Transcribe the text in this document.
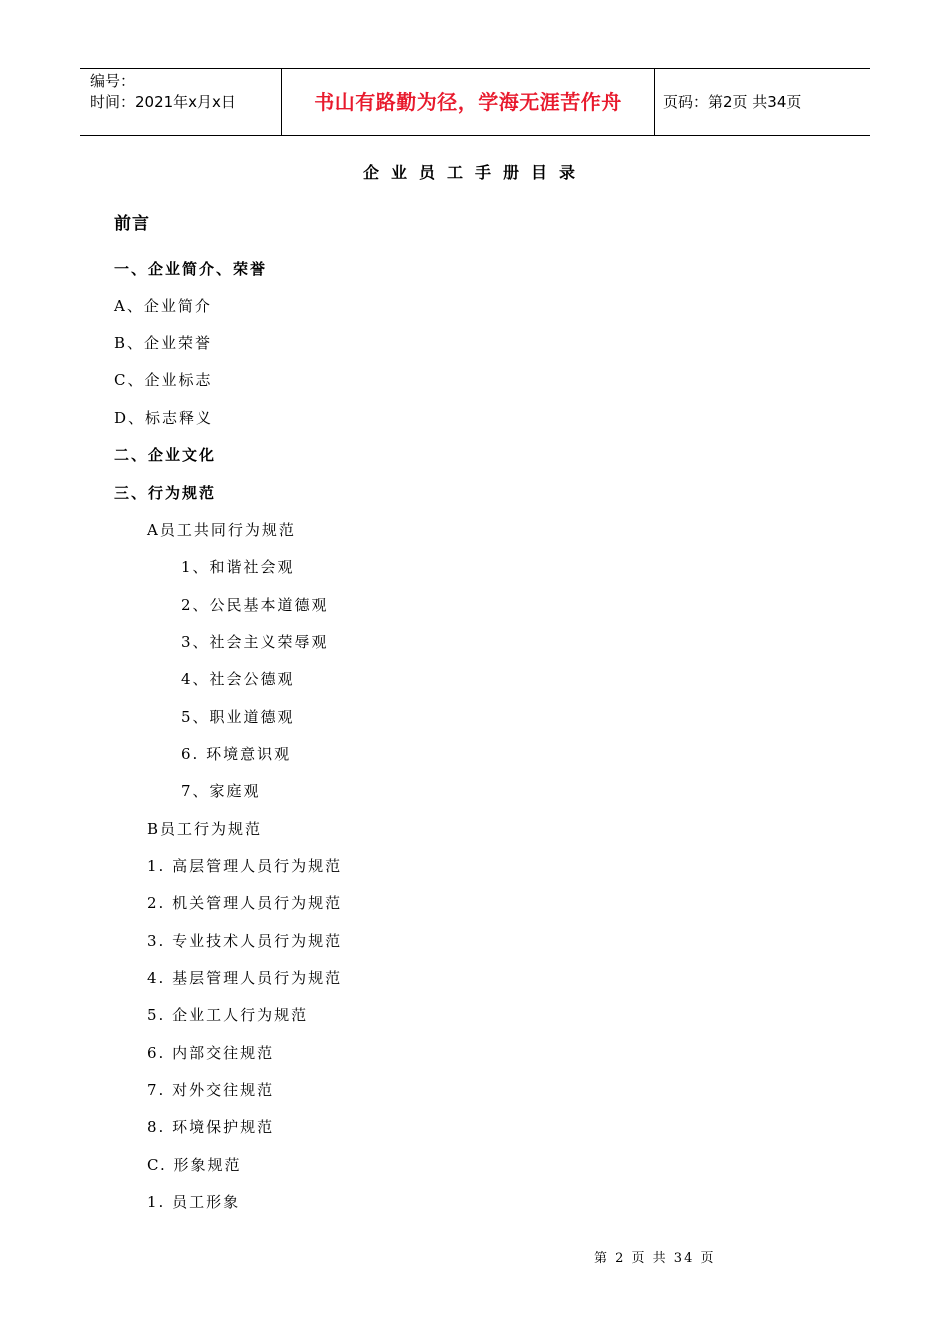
编号：
时间：2021年x月x日	书山有路勤为径，学海无涯苦作舟	页码：第2页 共34页
企业员工手册目录
前言
一、企业简介、荣誉
A、企业简介
B、企业荣誉
C、企业标志
D、标志释义
二、企业文化
三、行为规范
A员工共同行为规范
1、和谐社会观
2、公民基本道德观
3、社会主义荣辱观
4、社会公德观
5、职业道德观
6. 环境意识观
7、家庭观
B员工行为规范
1. 高层管理人员行为规范
2. 机关管理人员行为规范
3. 专业技术人员行为规范
4. 基层管理人员行为规范
5. 企业工人行为规范
6. 内部交往规范
7. 对外交往规范
8. 环境保护规范
C. 形象规范
1. 员工形象
第 2 页 共 34 页
